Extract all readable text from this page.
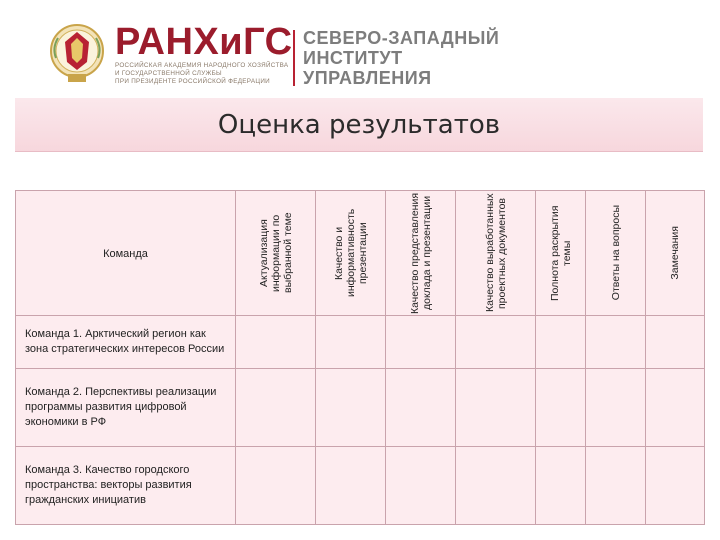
РАНХиГС
РОССИЙСКАЯ АКАДЕМИЯ НАРОДНОГО ХОЗЯЙСТВА
И ГОСУДАРСТВЕННОЙ СЛУЖБЫ
ПРИ ПРЕЗИДЕНТЕ РОССИЙСКОЙ ФЕДЕРАЦИИ
СЕВЕРО-ЗАПАДНЫЙ
ИНСТИТУТ
УПРАВЛЕНИЯ
Оценка результатов
Команда	Актуализация информации по выбранной теме	Качество и информативность презентации	Качество представления доклада и презентации	Качество выработанных проектных документов	Полнота раскрытия темы	Ответы на вопросы	Замечания

Команда 1. Арктический регион как зона стратегических интересов России							
Команда 2. Перспективы реализации программы развития цифровой экономики в РФ							
Команда 3. Качество городского пространства: векторы развития гражданских инициатив							
